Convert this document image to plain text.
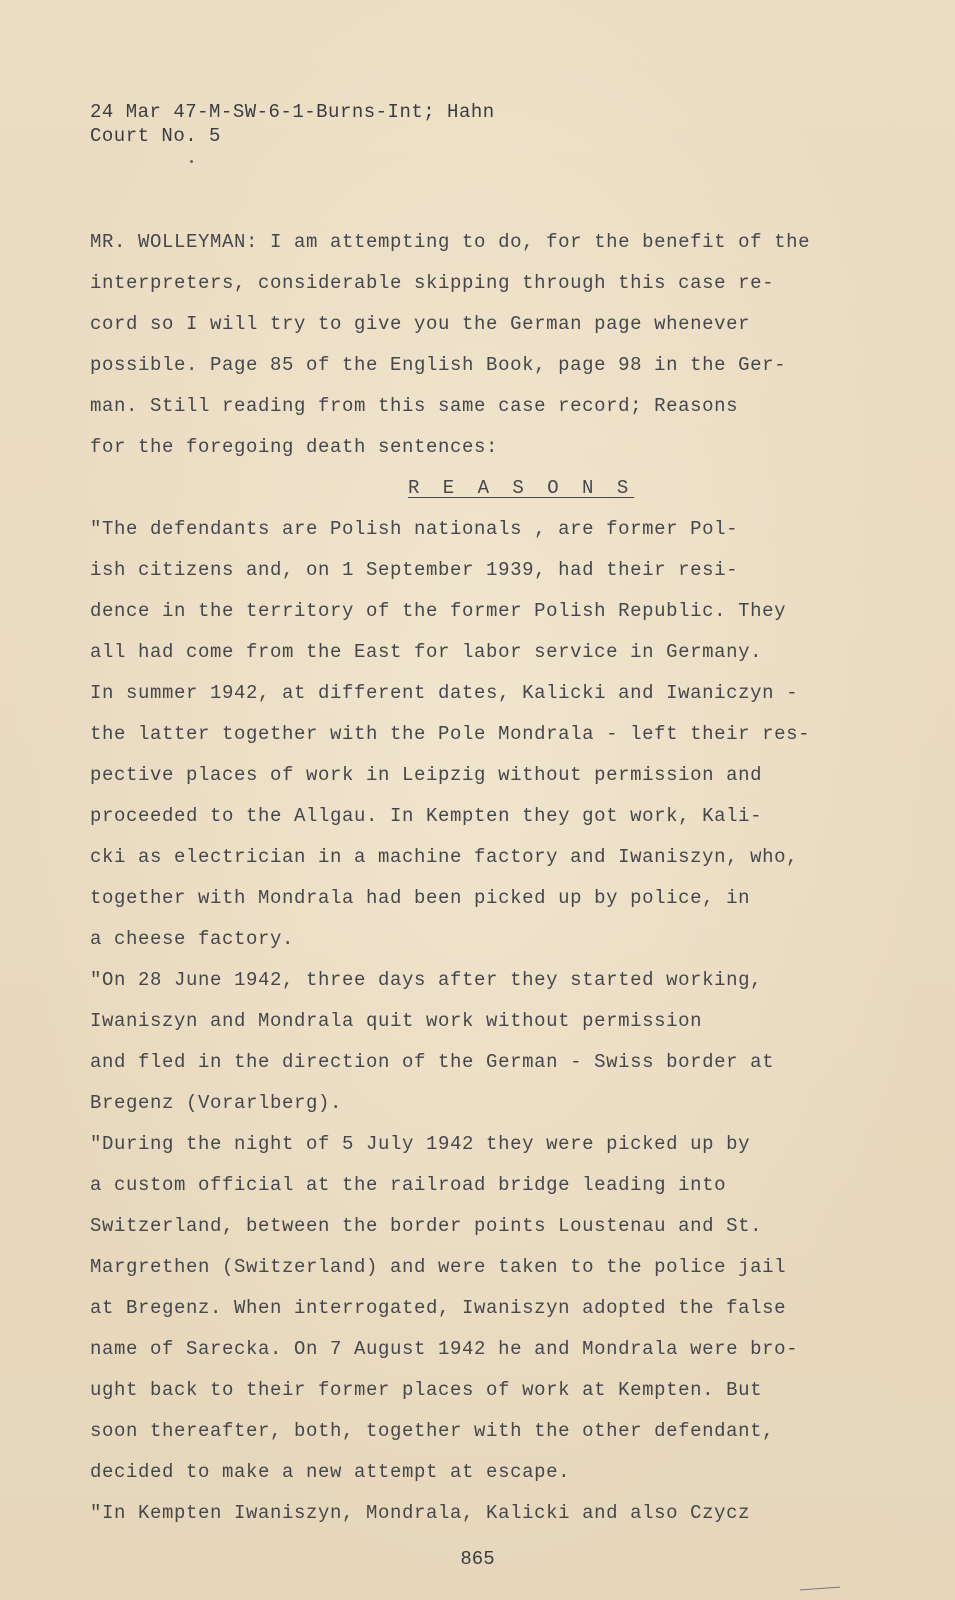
24 Mar 47-M-SW-6-1-Burns-Int; Hahn
Court No. 5
MR. WOLLEYMAN: I am attempting to do, for the benefit of the
interpreters, considerable skipping through this case re-
cord so I will try to give you the German page whenever
possible. Page 85 of the English Book, page 98 in the Ger-
man. Still reading from this same case record; Reasons
for the foregoing death sentences:
R E A S O N S
"The defendants are Polish nationals , are former Pol-
ish citizens and, on 1 September 1939, had their resi-
dence in the territory of the former Polish Republic. They
all had come from the East for labor service in Germany.
In summer 1942, at different dates, Kalicki and Iwaniczyn -
the latter together with the Pole Mondrala - left their res-
pective places of work in Leipzig without permission and
proceeded to the Allgau. In Kempten they got work, Kali-
cki as electrician in a machine factory and Iwaniszyn, who,
together with Mondrala had been picked up by police, in
a cheese factory.
"On 28 June 1942, three days after they started working,
Iwaniszyn and Mondrala quit work without permission
and fled in the direction of the German - Swiss border at
Bregenz (Vorarlberg).
"During the night of 5 July 1942 they were picked up by
a custom official at the railroad bridge leading into
Switzerland, between the border points Loustenau and St.
Margrethen (Switzerland) and were taken to the police jail
at Bregenz. When interrogated, Iwaniszyn adopted the false
name of Sarecka. On 7 August 1942 he and Mondrala were bro-
ught back to their former places of work at Kempten. But
soon thereafter, both, together with the other defendant,
decided to make a new attempt at escape.
"In Kempten Iwaniszyn, Mondrala, Kalicki and also Czycz
865
